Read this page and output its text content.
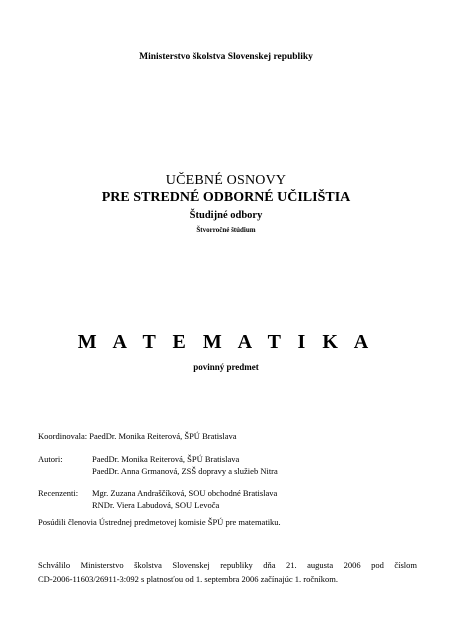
Ministerstvo školstva Slovenskej republiky
UČEBNÉ OSNOVY
PRE STREDNÉ ODBORNÉ UČILIŠTIA
Študijné odbory
Štvorročné štúdium
M A T E M A T I K A
povinný predmet
Koordinovala: PaedDr. Monika Reiterová, ŠPÚ Bratislava
Autori:	PaedDr. Monika Reiterová, ŠPÚ Bratislava
PaedDr. Anna Grmanová, ZSŠ dopravy a služieb Nitra
Recenzenti: Mgr. Zuzana Andraščíková, SOU obchodné Bratislava
RNDr. Viera Labudová, SOU Levoča
Posúdili členovia Ústrednej predmetovej komisie ŠPÚ pre matematiku.
Schválilo Ministerstvo školstva Slovenskej republiky dňa 21. augusta 2006 pod číslom
CD-2006-11603/26911-3:092 s platnosťou od 1. septembra 2006 začínajúc 1. ročníkom.
